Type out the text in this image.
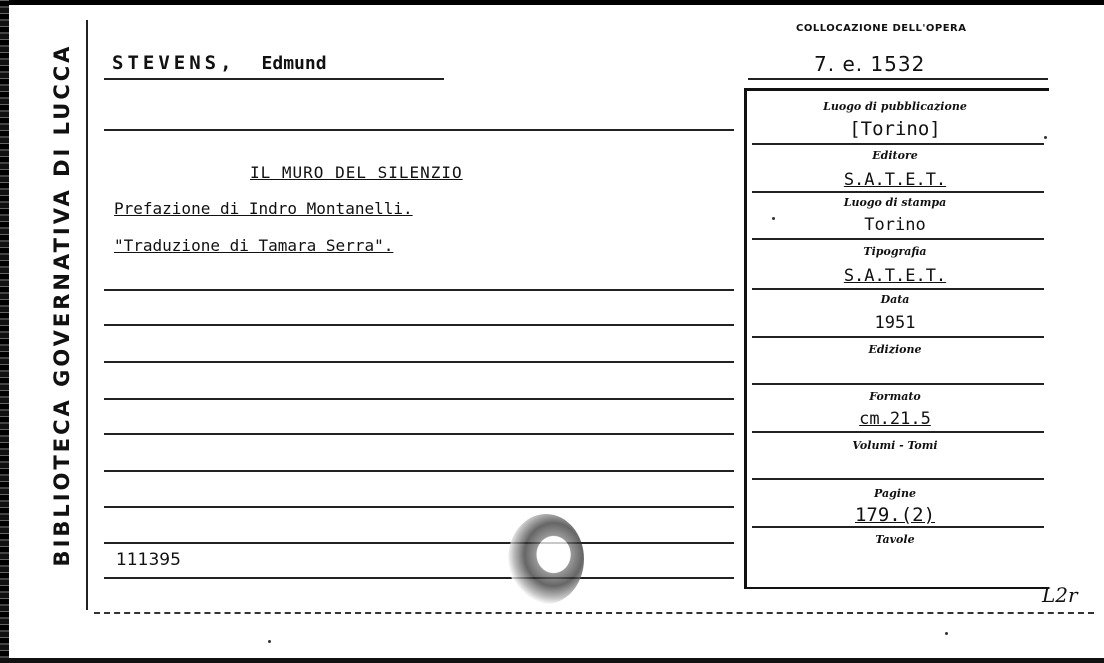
BIBLIOTECA GOVERNATIVA DI LUCCA STEVENS, Edmund
IL MURO DEL SILENZIO
Prefazione di Indro Montanelli.
"Traduzione di Tamara Serra".
111395
COLLOCAZIONE DELL'OPERA
7. e. 1532
Luogo di pubblicazione
[Torino]
Editore
S.A.T.E.T.
Luogo di stampa
Torino
Tipografia
S.A.T.E.T.
Data
1951
Edizione
Formato
cm.21.5
Volumi - Tomi
Pagine
179.(2)
Tavole
L2r
